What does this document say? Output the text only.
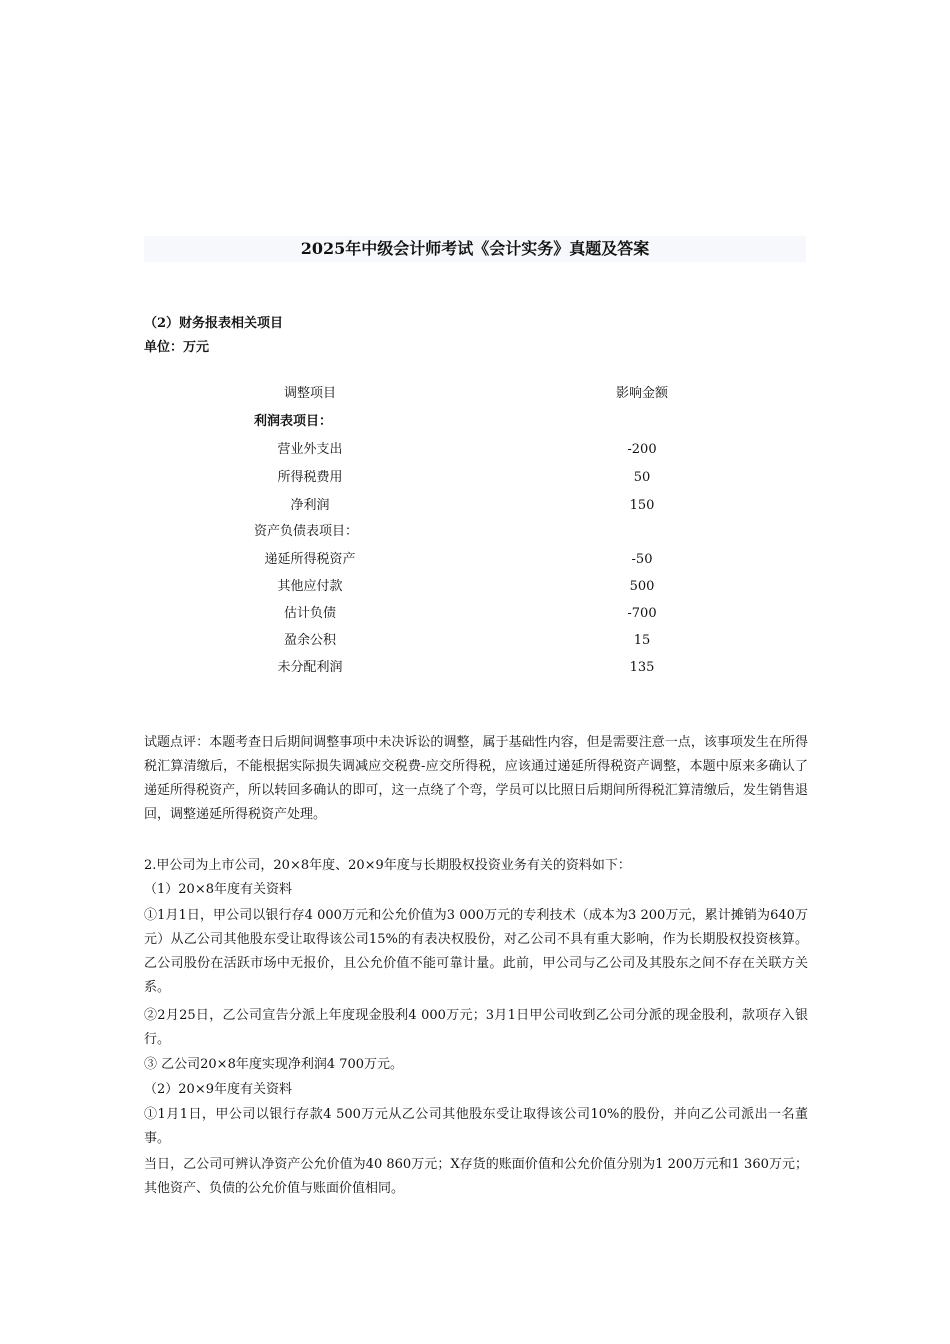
2025年中级会计师考试《会计实务》真题及答案
（2）财务报表相关项目
单位：万元
调整项目	影响金额
利润表项目：
营业外支出	-200
所得税费用	50
净利润	150
资产负债表项目：
递延所得税资产	-50
其他应付款	500
估计负债	-700
盈余公积	15
未分配利润	135
试题点评：本题考查日后期间调整事项中未决诉讼的调整，属于基础性内容，但是需要注意一点，该事项发生在所得税汇算清缴后，不能根据实际损失调减应交税费-应交所得税，应该通过递延所得税资产调整，本题中原来多确认了递延所得税资产，所以转回多确认的即可，这一点绕了个弯，学员可以比照日后期间所得税汇算清缴后，发生销售退回，调整递延所得税资产处理。
2.甲公司为上市公司，20×8年度、20×9年度与长期股权投资业务有关的资料如下：
（1）20×8年度有关资料
①1月1日，甲公司以银行存4 000万元和公允价值为3 000万元的专利技术（成本为3 200万元，累计摊销为640万元）从乙公司其他股东受让取得该公司15%的有表决权股份，对乙公司不具有重大影响，作为长期股权投资核算。乙公司股份在活跃市场中无报价，且公允价值不能可靠计量。此前，甲公司与乙公司及其股东之间不存在关联方关系。
②2月25日，乙公司宣告分派上年度现金股利4 000万元；3月1日甲公司收到乙公司分派的现金股利，款项存入银行。
③ 乙公司20×8年度实现净利润4 700万元。
（2）20×9年度有关资料
①1月1日，甲公司以银行存款4 500万元从乙公司其他股东受让取得该公司10%的股份，并向乙公司派出一名董事。
当日，乙公司可辨认净资产公允价值为40 860万元；X存货的账面价值和公允价值分别为1 200万元和1 360万元；其他资产、负债的公允价值与账面价值相同。
